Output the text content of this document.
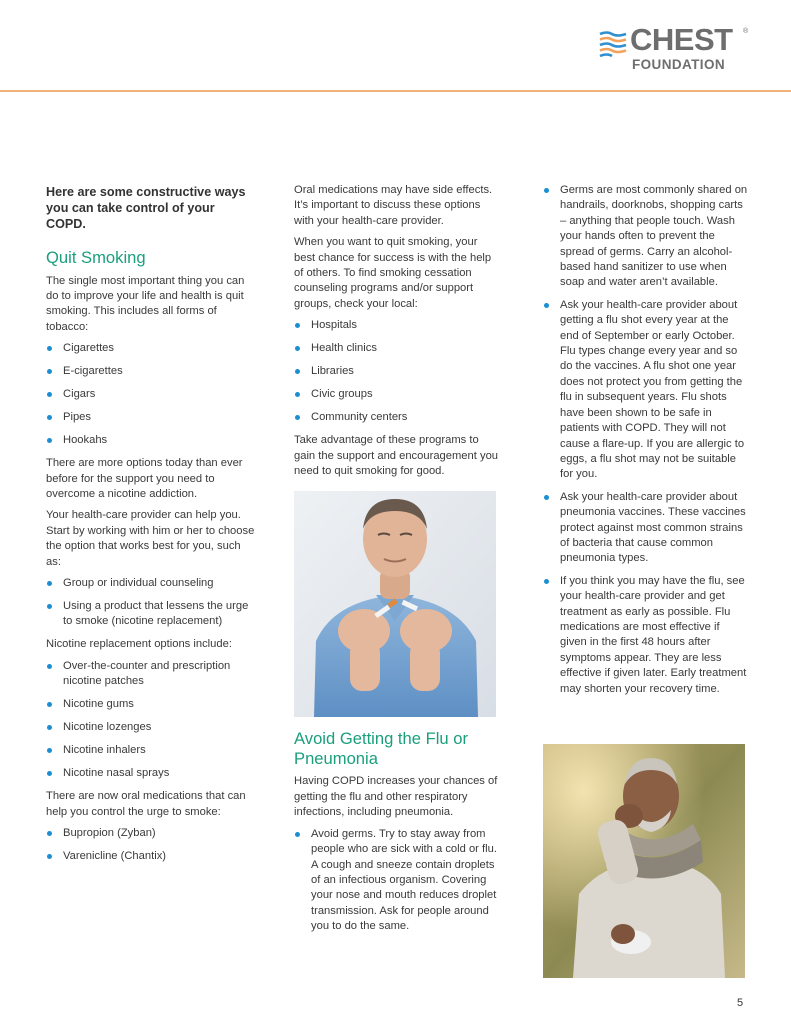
CHEST ®
FOUNDATION

Here are some constructive ways you can take control of your COPD.

Quit Smoking

The single most important thing you can do to improve your life and health is quit smoking. This includes all forms of tobacco:

Cigarettes
E-cigarettes
Cigars
Pipes
Hookahs

There are more options today than ever before for the support you need to overcome a nicotine addiction.

Your health-care provider can help you. Start by working with him or her to choose the option that works best for you, such as:

Group or individual counseling
Using a product that lessens the urge to smoke (nicotine replacement)

Nicotine replacement options include:

Over-the-counter and prescription nicotine patches
Nicotine gums
Nicotine lozenges
Nicotine inhalers
Nicotine nasal sprays

There are now oral medications that can help you control the urge to smoke:

Bupropion (Zyban)
Varenicline (Chantix)

Oral medications may have side effects. It’s important to discuss these options with your health-care provider.

When you want to quit smoking, your best chance for success is with the help of others. To find smoking cessation counseling programs and/or support groups, check your local:

Hospitals
Health clinics
Libraries
Civic groups
Community centers

Take advantage of these programs to gain the support and encouragement you need to quit smoking for good.

Avoid Getting the Flu or Pneumonia

Having COPD increases your chances of getting the flu and other respiratory infections, including pneumonia.

Avoid germs. Try to stay away from people who are sick with a cold or flu. A cough and sneeze contain droplets of an infectious organism. Covering your nose and mouth reduces droplet transmission. Ask for people around you to do the same.
Germs are most commonly shared on handrails, doorknobs, shopping carts – anything that people touch. Wash your hands often to prevent the spread of germs. Carry an alcohol-based hand sanitizer to use when soap and water aren’t available.
Ask your health-care provider about getting a flu shot every year at the end of September or early October. Flu types change every year and so do the vaccines. A flu shot one year does not protect you from getting the flu in subsequent years. Flu shots have been shown to be safe in patients with COPD. They will not cause a flare-up. If you are allergic to eggs, a flu shot may not be suitable for you.
Ask your health-care provider about pneumonia vaccines. These vaccines protect against most common strains of bacteria that cause common pneumonia types.
If you think you may have the flu, see your health-care provider and get treatment as early as possible. Flu medications are most effective if given in the first 48 hours after symptoms appear. They are less effective if given later. Early treatment may shorten your recovery time.
5
